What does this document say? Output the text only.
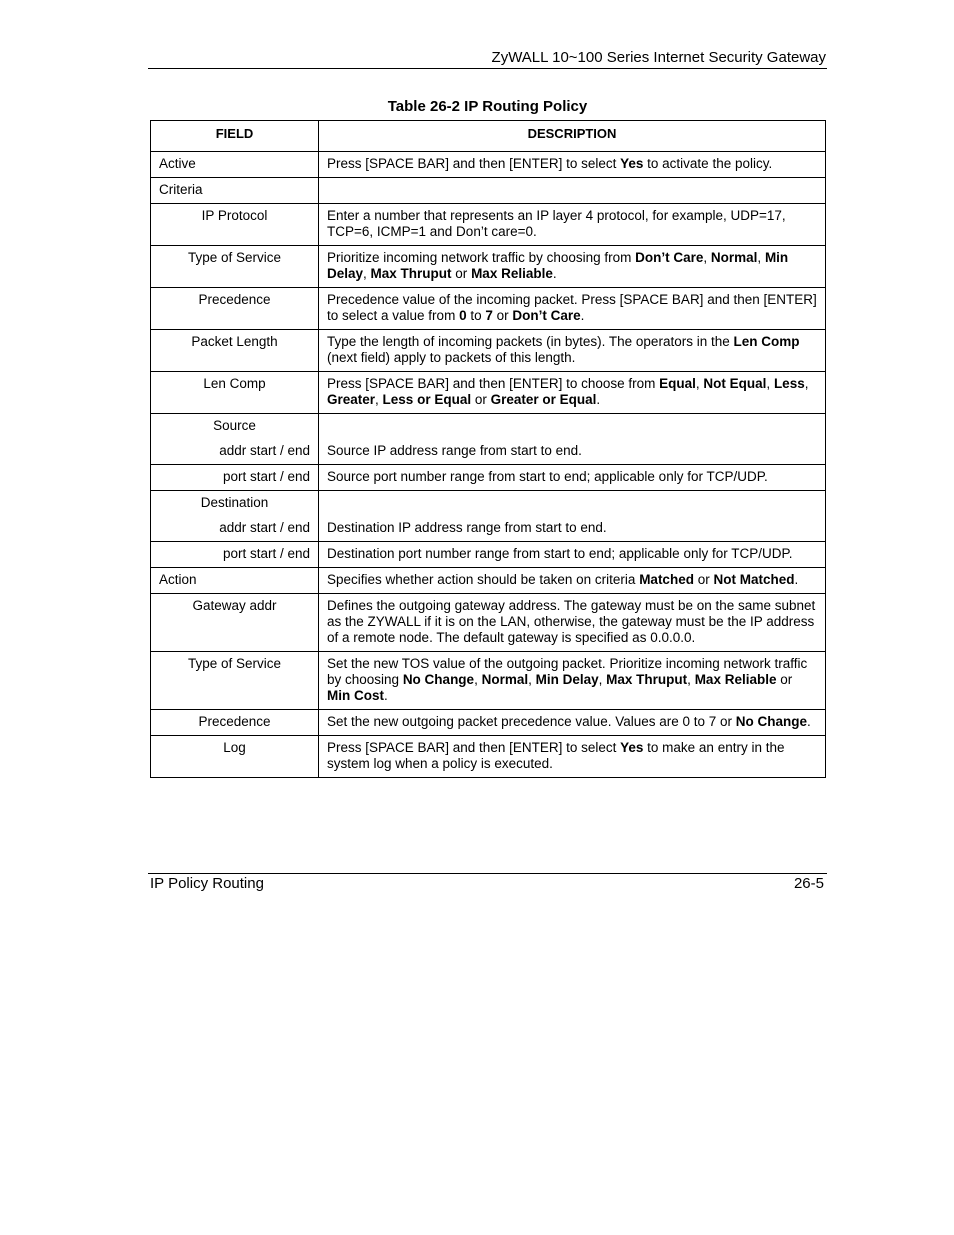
ZyWALL 10~100 Series Internet Security Gateway
Table 26-2 IP Routing Policy
FIELD	DESCRIPTION
Active	Press [SPACE BAR] and then [ENTER] to select Yes to activate the policy.
Criteria	
IP Protocol	Enter a number that represents an IP layer 4 protocol, for example, UDP=17, TCP=6, ICMP=1 and Don’t care=0.
Type of Service	Prioritize incoming network traffic by choosing from Don’t Care, Normal, Min Delay, Max Thruput or Max Reliable.
Precedence	Precedence value of the incoming packet. Press [SPACE BAR] and then [ENTER] to select a value from 0 to 7 or Don’t Care.
Packet Length	Type the length of incoming packets (in bytes). The operators in the Len Comp (next field) apply to packets of this length.
Len Comp	Press [SPACE BAR] and then [ENTER] to choose from Equal, Not Equal, Less, Greater, Less or Equal or Greater or Equal.

Source
addr start / end	Source IP address range from start to end.
port start / end	Source port number range from start to end; applicable only for TCP/UDP.

Destination
addr start / end	Destination IP address range from start to end.
port start / end	Destination port number range from start to end; applicable only for TCP/UDP.
Action	Specifies whether action should be taken on criteria Matched or Not Matched.
Gateway addr	Defines the outgoing gateway address. The gateway must be on the same subnet as the ZYWALL if it is on the LAN, otherwise, the gateway must be the IP address of a remote node. The default gateway is specified as 0.0.0.0.
Type of Service	Set the new TOS value of the outgoing packet. Prioritize incoming network traffic by choosing No Change, Normal, Min Delay, Max Thruput, Max Reliable or Min Cost.
Precedence	Set the new outgoing packet precedence value. Values are 0 to 7 or No Change.
Log	Press [SPACE BAR] and then [ENTER] to select Yes to make an entry in the system log when a policy is executed.
IP Policy Routing	26-5
